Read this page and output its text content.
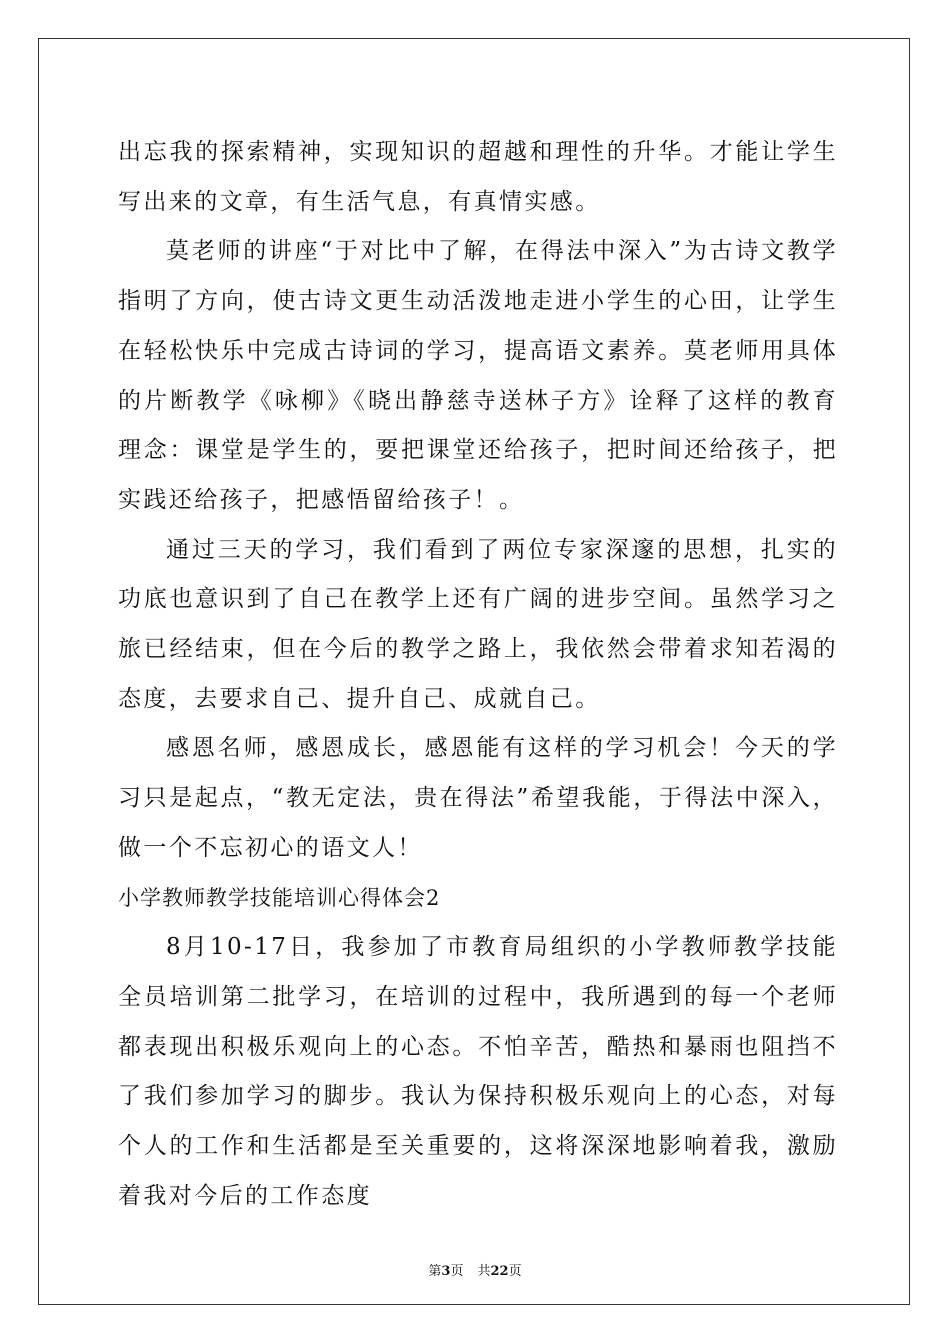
出忘我的探索精神，实现知识的超越和理性的升华。才能让学生写出来的文章，有生活气息，有真情实感。

莫老师的讲座“于对比中了解，在得法中深入”为古诗文教学指明了方向，使古诗文更生动活泼地走进小学生的心田，让学生在轻松快乐中完成古诗词的学习，提高语文素养。莫老师用具体的片断教学《咏柳》《晓出静慈寺送林子方》诠释了这样的教育理念：课堂是学生的，要把课堂还给孩子，把时间还给孩子，把实践还给孩子，把感悟留给孩子！。

通过三天的学习，我们看到了两位专家深邃的思想，扎实的功底也意识到了自己在教学上还有广阔的进步空间。虽然学习之旅已经结束，但在今后的教学之路上，我依然会带着求知若渴的态度，去要求自己、提升自己、成就自己。

感恩名师，感恩成长，感恩能有这样的学习机会！今天的学习只是起点，“教无定法，贵在得法”希望我能，于得法中深入，做一个不忘初心的语文人！

小学教师教学技能培训心得体会2

8月10-17日，我参加了市教育局组织的小学教师教学技能全员培训第二批学习，在培训的过程中，我所遇到的每一个老师都表现出积极乐观向上的心态。不怕辛苦，酷热和暴雨也阻挡不了我们参加学习的脚步。我认为保持积极乐观向上的心态，对每个人的工作和生活都是至关重要的，这将深深地影响着我，激励着我对今后的工作态度

第3页 共22页
